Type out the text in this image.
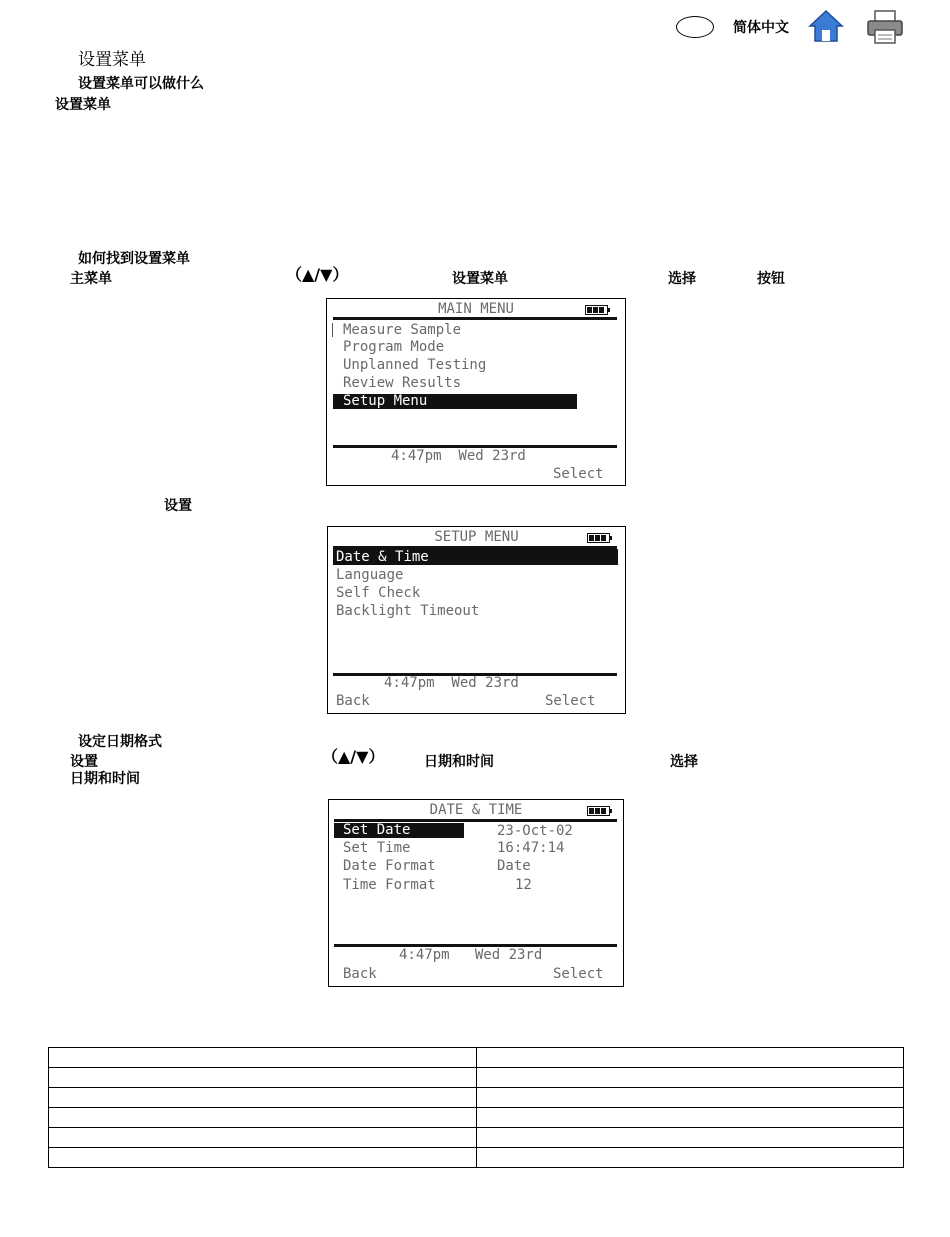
简体中文
设置菜单
设置菜单可以做什么
设置菜单
如何找到设置菜单
主菜单	（▲/▼）	设置菜单	选择	按钮
MAIN MENU
Measure Sample
Program Mode
Unplanned Testing
Review Results
Setup Menu
4:47pm  Wed 23rd
Select
设置
SETUP MENU
Date & Time
Language
Self Check
Backlight Timeout
4:47pm  Wed 23rd
Back	Select
设定日期格式
设置	（▲/▼）	日期和时间	选择
日期和时间
DATE & TIME
Set Date	23-Oct-02
Set Time	16:47:14
Date Format	Date
Time Format	12
4:47pm   Wed 23rd
Back	Select
